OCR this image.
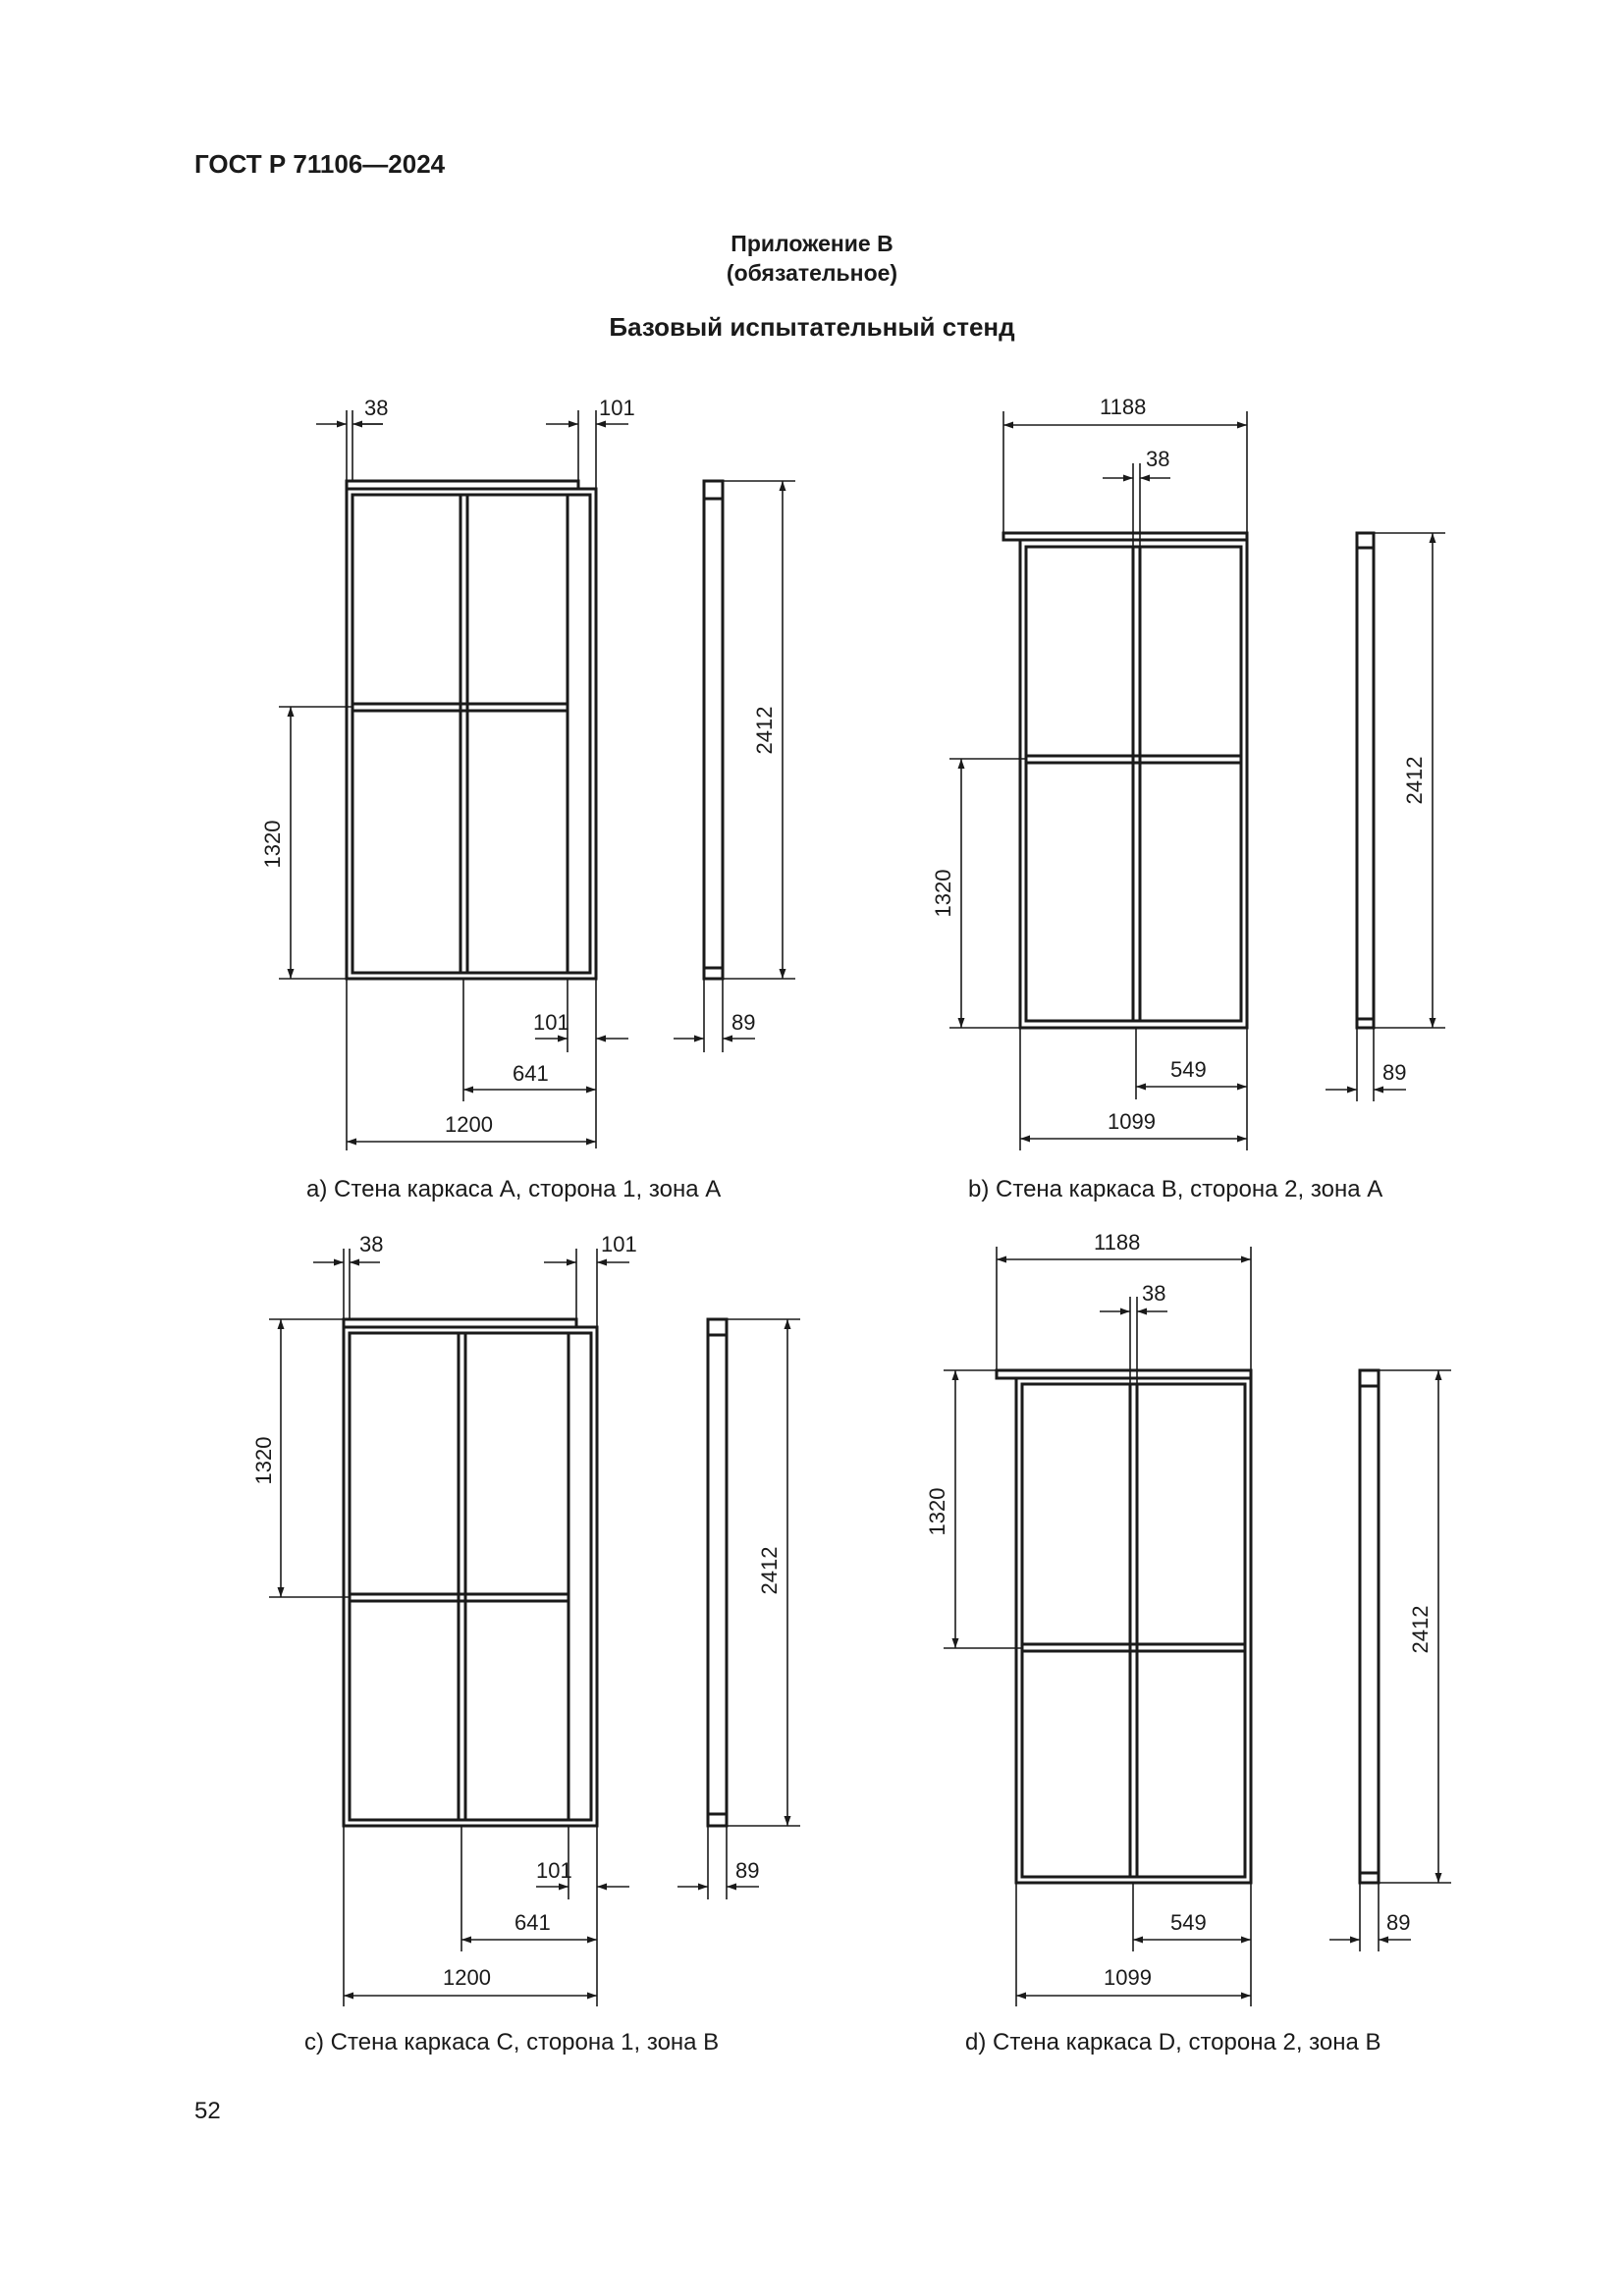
ГОСТ Р 71106—2024
Приложение В
(обязательное)
Базовый испытательный стенд
38	101
1320
2412
101	89
641
1200
a) Стена каркаса А, сторона 1, зона А
1188
38
1320
2412
549	89
1099
b) Стена каркаса B, сторона 2, зона А
38	101
1320
2412
101	89
641
1200
c) Стена каркаса С, сторона 1, зона B
1188
38
1320
2412
549	89
1099
d) Стена каркаса D, сторона 2, зона B
52
